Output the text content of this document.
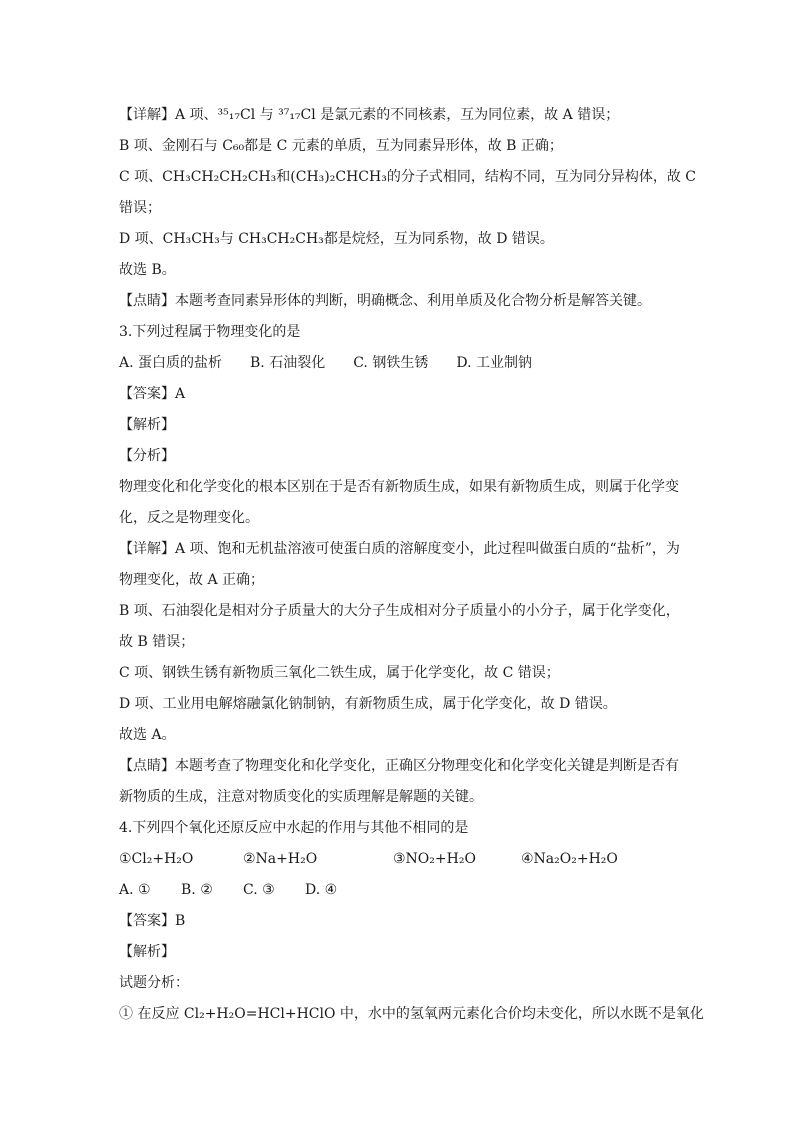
【详解】A 项、³⁵₁₇Cl 与 ³⁷₁₇Cl 是氯元素的不同核素，互为同位素，故 A 错误；
B 项、金刚石与 C₆₀都是 C 元素的单质，互为同素异形体，故 B 正确；
C 项、CH₃CH₂CH₂CH₃和(CH₃)₂CHCH₃的分子式相同，结构不同，互为同分异构体，故 C
错误；
D 项、CH₃CH₃与 CH₃CH₂CH₃都是烷烃，互为同系物，故 D 错误。
故选 B。
【点睛】本题考查同素异形体的判断，明确概念、利用单质及化合物分析是解答关键。
3.下列过程属于物理变化的是
A. 蛋白质的盐析 B. 石油裂化 C. 钢铁生锈 D. 工业制钠
【答案】A
【解析】
【分析】
物理变化和化学变化的根本区别在于是否有新物质生成，如果有新物质生成，则属于化学变
化，反之是物理变化。
【详解】A 项、饱和无机盐溶液可使蛋白质的溶解度变小，此过程叫做蛋白质的“盐析”，为
物理变化，故 A 正确；
B 项、石油裂化是相对分子质量大的大分子生成相对分子质量小的小分子，属于化学变化，
故 B 错误；
C 项、钢铁生锈有新物质三氧化二铁生成，属于化学变化，故 C 错误；
D 项、工业用电解熔融氯化钠制钠，有新物质生成，属于化学变化，故 D 错误。
故选 A。
【点睛】本题考查了物理变化和化学变化，正确区分物理变化和化学变化关键是判断是否有
新物质的生成，注意对物质变化的实质理解是解题的关键。
4.下列四个氧化还原反应中水起的作用与其他不相同的是
①Cl₂+H₂O	②Na+H₂O	③NO₂+H₂O	④Na₂O₂+H₂O
A. ① B. ② C. ③ D. ④
【答案】B
【解析】
试题分析：
① 在反应 Cl₂+H₂O=HCl+HClO 中，水中的氢氧两元素化合价均未变化，所以水既不是氧化
